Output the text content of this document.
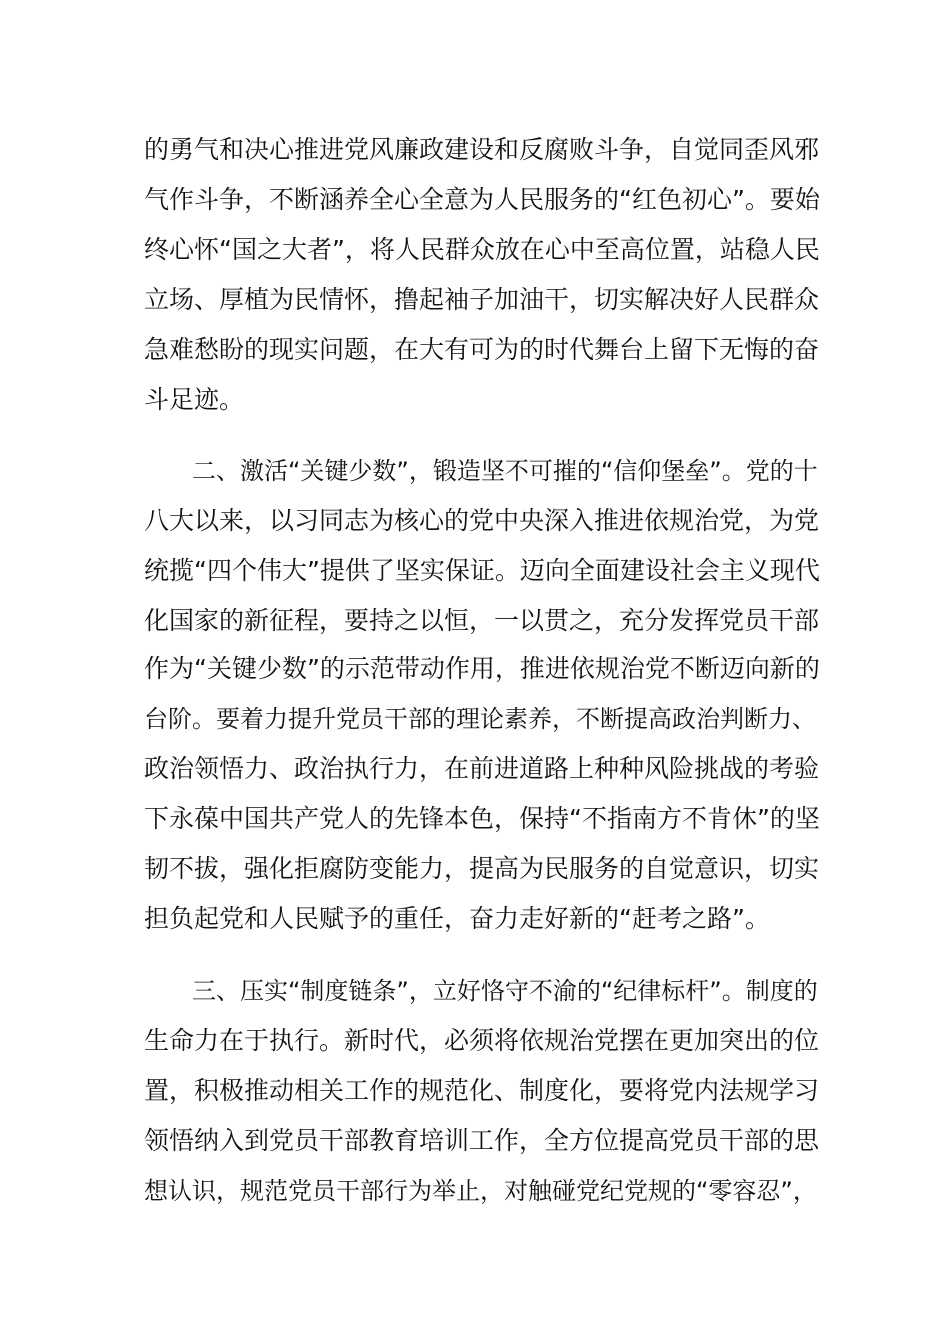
的勇气和决心推进党风廉政建设和反腐败斗争，自觉同歪风邪
气作斗争，不断涵养全心全意为人民服务的“红色初心”。要始
终心怀“国之大者”，将人民群众放在心中至高位置，站稳人民
立场、厚植为民情怀，撸起袖子加油干，切实解决好人民群众
急难愁盼的现实问题，在大有可为的时代舞台上留下无悔的奋
斗足迹。
二、激活“关键少数”，锻造坚不可摧的“信仰堡垒”。党的十
八大以来，以习同志为核心的党中央深入推进依规治党，为党
统揽“四个伟大”提供了坚实保证。迈向全面建设社会主义现代
化国家的新征程，要持之以恒，一以贯之，充分发挥党员干部
作为“关键少数”的示范带动作用，推进依规治党不断迈向新的
台阶。要着力提升党员干部的理论素养，不断提高政治判断力、
政治领悟力、政治执行力，在前进道路上种种风险挑战的考验
下永葆中国共产党人的先锋本色，保持“不指南方不肯休”的坚
韧不拔，强化拒腐防变能力，提高为民服务的自觉意识，切实
担负起党和人民赋予的重任，奋力走好新的“赶考之路”。
三、压实“制度链条”，立好恪守不渝的“纪律标杆”。制度的
生命力在于执行。新时代，必须将依规治党摆在更加突出的位
置，积极推动相关工作的规范化、制度化，要将党内法规学习
领悟纳入到党员干部教育培训工作，全方位提高党员干部的思
想认识，规范党员干部行为举止，对触碰党纪党规的“零容忍”，
